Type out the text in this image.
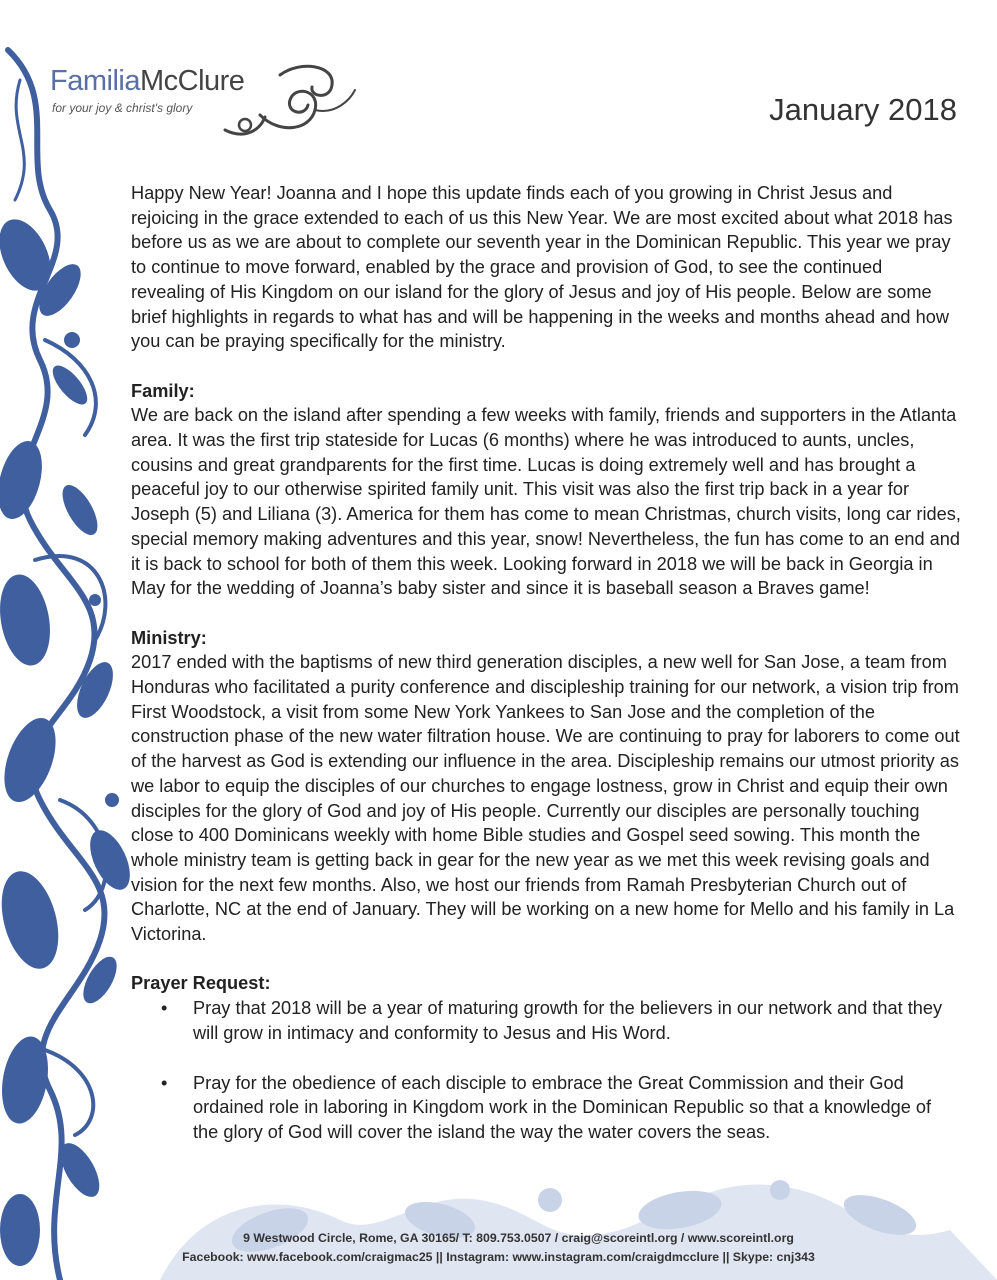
FamiliaMcClure
for your joy & christ's glory	January 2018

Happy New Year! Joanna and I hope this update finds each of you growing in Christ Jesus and rejoicing in the grace extended to each of us this New Year. We are most excited about what 2018 has before us as we are about to complete our seventh year in the Dominican Republic. This year we pray to continue to move forward, enabled by the grace and provision of God, to see the continued revealing of His Kingdom on our island for the glory of Jesus and joy of His people. Below are some brief highlights in regards to what has and will be happening in the weeks and months ahead and how you can be praying specifically for the ministry.

Family:

We are back on the island after spending a few weeks with family, friends and supporters in the Atlanta area. It was the first trip stateside for Lucas (6 months) where he was introduced to aunts, uncles, cousins and great grandparents for the first time. Lucas is doing extremely well and has brought a peaceful joy to our otherwise spirited family unit. This visit was also the first trip back in a year for Joseph (5) and Liliana (3). America for them has come to mean Christmas, church visits, long car rides, special memory making adventures and this year, snow! Nevertheless, the fun has come to an end and it is back to school for both of them this week. Looking forward in 2018 we will be back in Georgia in May for the wedding of Joanna’s baby sister and since it is baseball season a Braves game!

Ministry:

2017 ended with the baptisms of new third generation disciples, a new well for San Jose, a team from Honduras who facilitated a purity conference and discipleship training for our network, a vision trip from First Woodstock, a visit from some New York Yankees to San Jose and the completion of the construction phase of the new water filtration house. We are continuing to pray for laborers to come out of the harvest as God is extending our influence in the area. Discipleship remains our utmost priority as we labor to equip the disciples of our churches to engage lostness, grow in Christ and equip their own disciples for the glory of God and joy of His people. Currently our disciples are personally touching close to 400 Dominicans weekly with home Bible studies and Gospel seed sowing. This month the whole ministry team is getting back in gear for the new year as we met this week revising goals and vision for the next few months. Also, we host our friends from Ramah Presbyterian Church out of Charlotte, NC at the end of January. They will be working on a new home for Mello and his family in La Victorina.

Prayer Request:

• Pray that 2018 will be a year of maturing growth for the believers in our network and that they will grow in intimacy and conformity to Jesus and His Word.
• Pray for the obedience of each disciple to embrace the Great Commission and their God ordained role in laboring in Kingdom work in the Dominican Republic so that a knowledge of the glory of God will cover the island the way the water covers the seas.
9 Westwood Circle, Rome, GA 30165/ T: 809.753.0507 / craig@scoreintl.org / www.scoreintl.org
Facebook: www.facebook.com/craigmac25 || Instagram: www.instagram.com/craigdmcclure || Skype: cnj343
